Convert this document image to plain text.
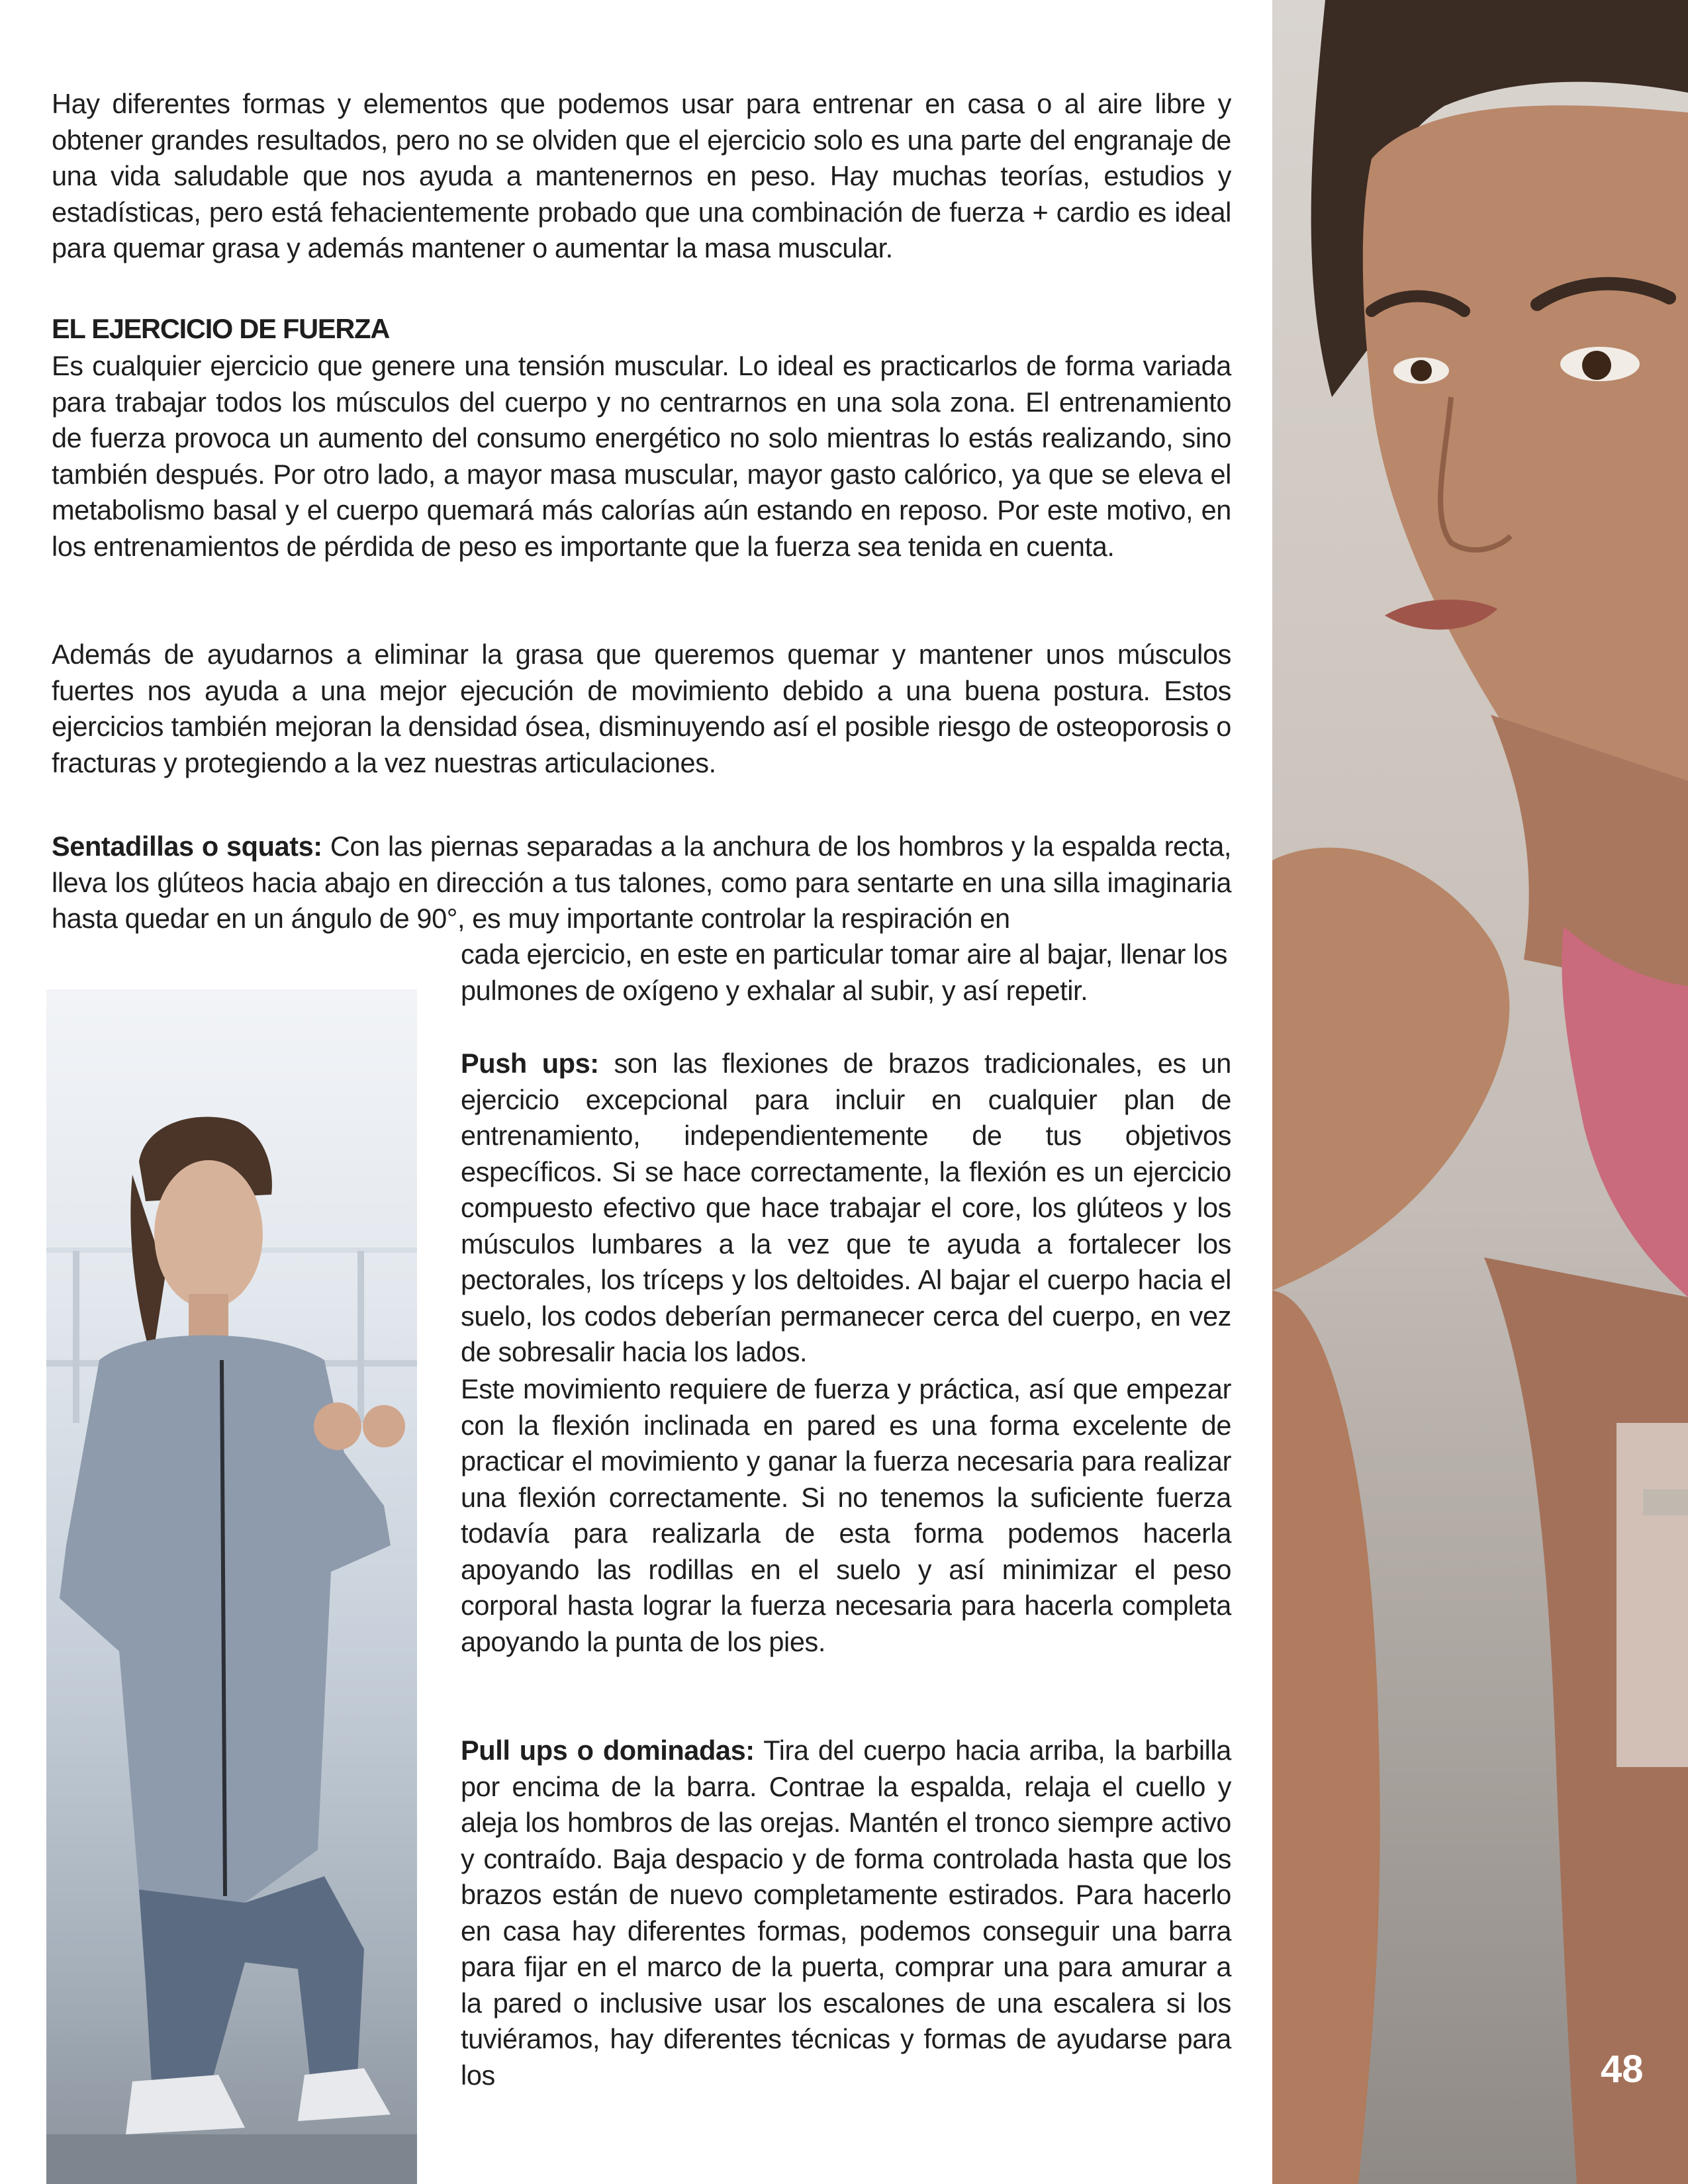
48
Hay diferentes formas y elementos que podemos usar para entrenar en casa o al aire libre y obtener grandes resultados, pero no se olviden que el ejercicio solo es una parte del engranaje de una vida saludable que nos ayuda a mantenernos en peso. Hay muchas teorías, estudios y estadísticas, pero está fehacientemente probado que una combinación de fuerza + cardio es ideal para quemar grasa y además mantener o aumentar la masa muscular.
EL EJERCICIO DE FUERZA
Es cualquier ejercicio que genere una tensión muscular. Lo ideal es practicarlos de forma variada para trabajar todos los músculos del cuerpo y no centrarnos en una sola zona. El entrenamiento de fuerza provoca un aumento del consumo energético no solo mientras lo estás realizando, sino también después. Por otro lado, a mayor masa muscular, mayor gasto calórico, ya que se eleva el metabolismo basal y el cuerpo quemará más calorías aún estando en reposo. Por este motivo, en los entrenamientos de pérdida de peso es importante que la fuerza sea tenida en cuenta.
Además de ayudarnos a eliminar la grasa que queremos quemar y mantener unos músculos fuertes nos ayuda a una mejor ejecución de movimiento debido a una buena postura. Estos ejercicios también mejoran la densidad ósea, disminuyendo así el posible riesgo de osteoporosis o fracturas y protegiendo a la vez nuestras articulaciones.
Sentadillas o squats: Con las piernas separadas a la anchura de los hombros y la espalda recta, lleva los glúteos hacia abajo en dirección a tus talones, como para sentarte en una silla imaginaria hasta quedar en un ángulo de 90°, es muy importante controlar la respiración en
cada ejercicio, en este en particular tomar aire al bajar, llenar los pulmones de oxígeno y exhalar al subir, y así repetir.
Push ups: son las flexiones de brazos tradicionales, es un ejercicio excepcional para incluir en cualquier plan de entrenamiento, independientemente de tus objetivos específicos. Si se hace correctamente, la flexión es un ejercicio compuesto efectivo que hace trabajar el core, los glúteos y los músculos lumbares a la vez que te ayuda a fortalecer los pectorales, los tríceps y los deltoides. Al bajar el cuerpo hacia el suelo, los codos deberían permanecer cerca del cuerpo, en vez de sobresalir hacia los lados.
Este movimiento requiere de fuerza y práctica, así que empezar con la flexión inclinada en pared es una forma excelente de practicar el movimiento y ganar la fuerza necesaria para realizar una flexión correctamente. Si no tenemos la suficiente fuerza todavía para realizarla de esta forma podemos hacerla apoyando las rodillas en el suelo y así minimizar el peso corporal hasta lograr la fuerza necesaria para hacerla completa apoyando la punta de los pies.
Pull ups o dominadas: Tira del cuerpo hacia arriba, la barbilla por encima de la barra. Contrae la espalda, relaja el cuello y aleja los hombros de las orejas. Mantén el tronco siempre activo y contraído. Baja despacio y de forma controlada hasta que los brazos están de nuevo completamente estirados. Para hacerlo en casa hay diferentes formas, podemos conseguir una barra para fijar en el marco de la puerta, comprar una para amurar a la pared o inclusive usar los escalones de una escalera si los tuviéramos, hay diferentes técnicas y formas de ayudarse para los
